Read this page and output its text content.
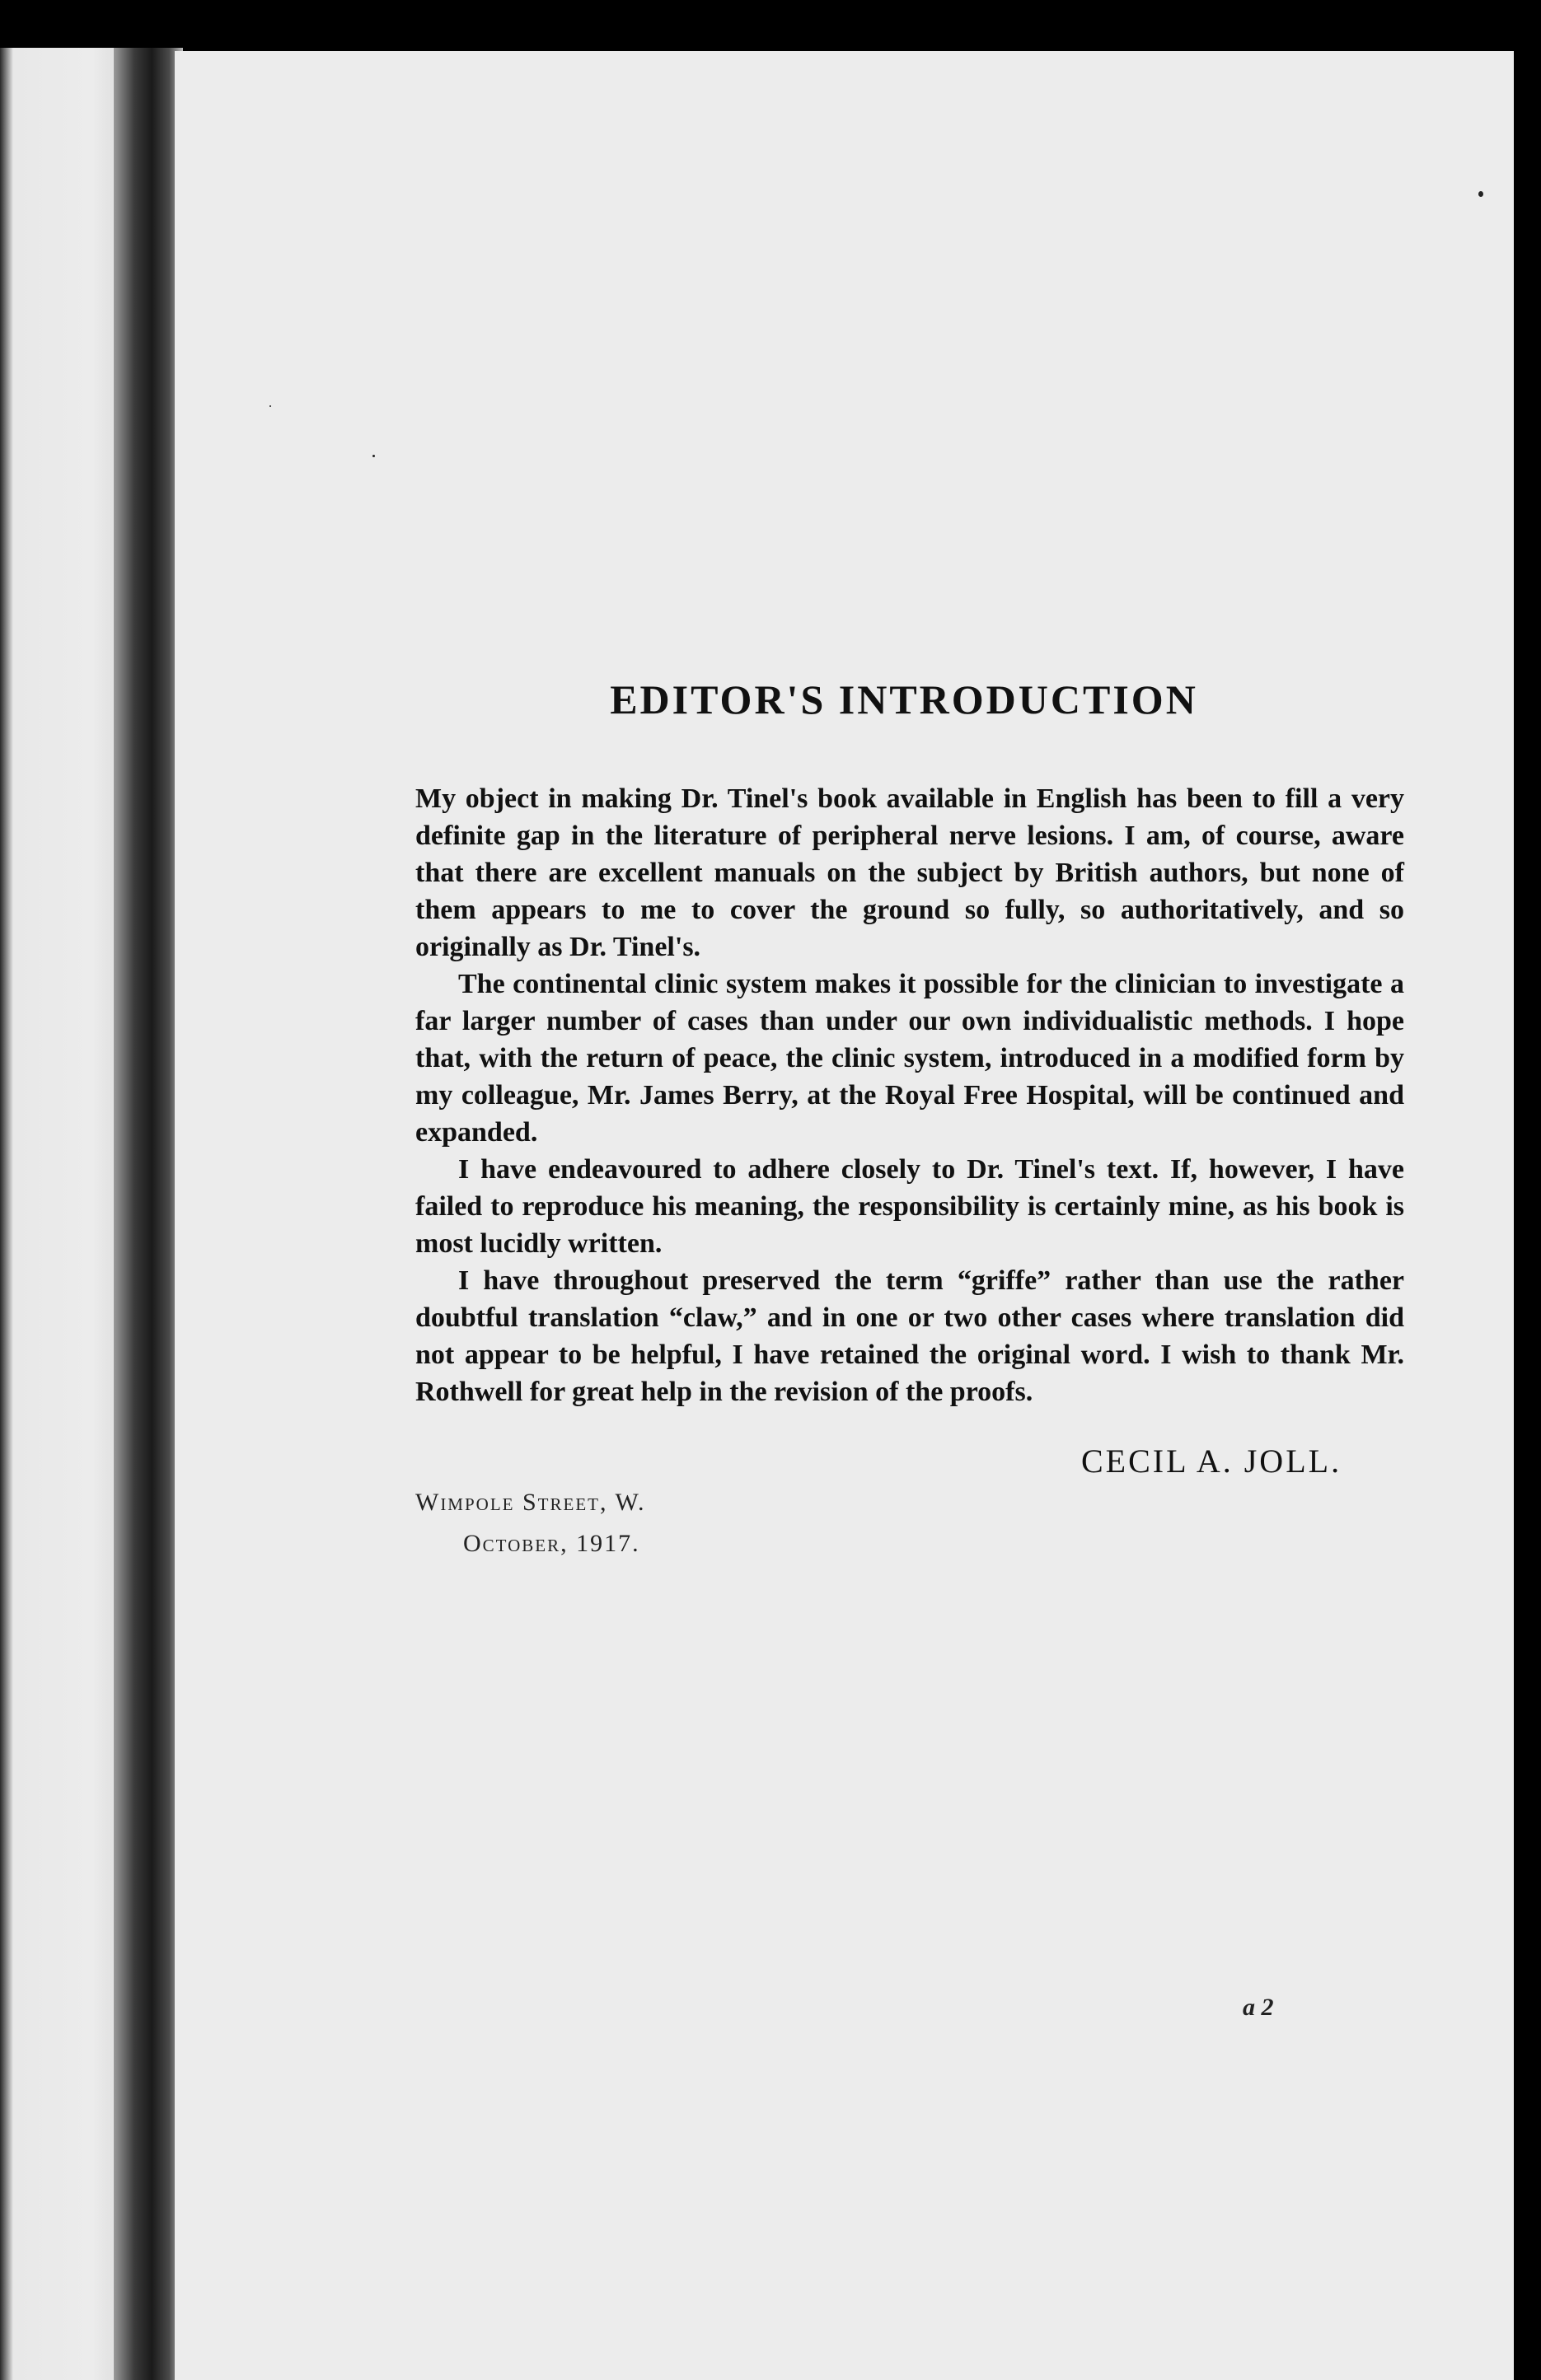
EDITOR'S INTRODUCTION

My object in making Dr. Tinel's book available in English has been to fill a very definite gap in the literature of peripheral nerve lesions. I am, of course, aware that there are excellent manuals on the subject by British authors, but none of them appears to me to cover the ground so fully, so authoritatively, and so originally as Dr. Tinel's.

The continental clinic system makes it possible for the clinician to investigate a far larger number of cases than under our own individualistic methods. I hope that, with the return of peace, the clinic system, introduced in a modified form by my colleague, Mr. James Berry, at the Royal Free Hospital, will be continued and expanded.

I have endeavoured to adhere closely to Dr. Tinel's text. If, however, I have failed to reproduce his meaning, the responsibility is certainly mine, as his book is most lucidly written.

I have throughout preserved the term “griffe” rather than use the rather doubtful translation “claw,” and in one or two other cases where translation did not appear to be helpful, I have retained the original word. I wish to thank Mr. Rothwell for great help in the revision of the proofs.

CECIL A. JOLL.
Wimpole Street, W.
October, 1917.
a 2
